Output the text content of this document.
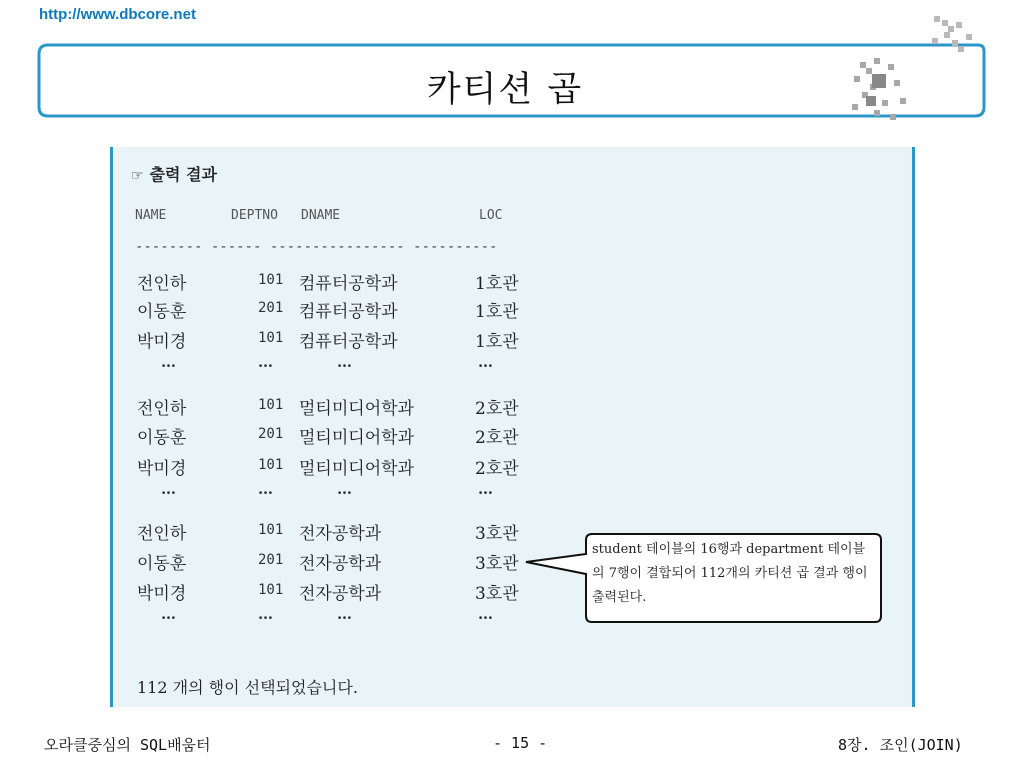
http://www.dbcore.net
카티션 곱
☞ 출력 결과
NAME	DEPTNO DNAME	LOC
-------- ------ ---------------- ----------
전인하	101 컴퓨터공학과	1호관
이동훈	201 컴퓨터공학과	1호관
박미경	101 컴퓨터공학과	1호관
…	…	…	…
전인하	101 멀티미디어학과	2호관
이동훈	201 멀티미디어학과	2호관
박미경	101 멀티미디어학과	2호관
…	…	…	…
전인하	101 전자공학과	3호관
이동훈	201 전자공학과	3호관
박미경	101 전자공학과	3호관
…	…	…	…
112 개의 행이 선택되었습니다.
student 테이블의 16행과 department 테이블의 7행이 결합되어 112개의 카티션 곱 결과 행이 출력된다.
오라클중심의 SQL배움터	- 15 -	8장. 조인(JOIN)
